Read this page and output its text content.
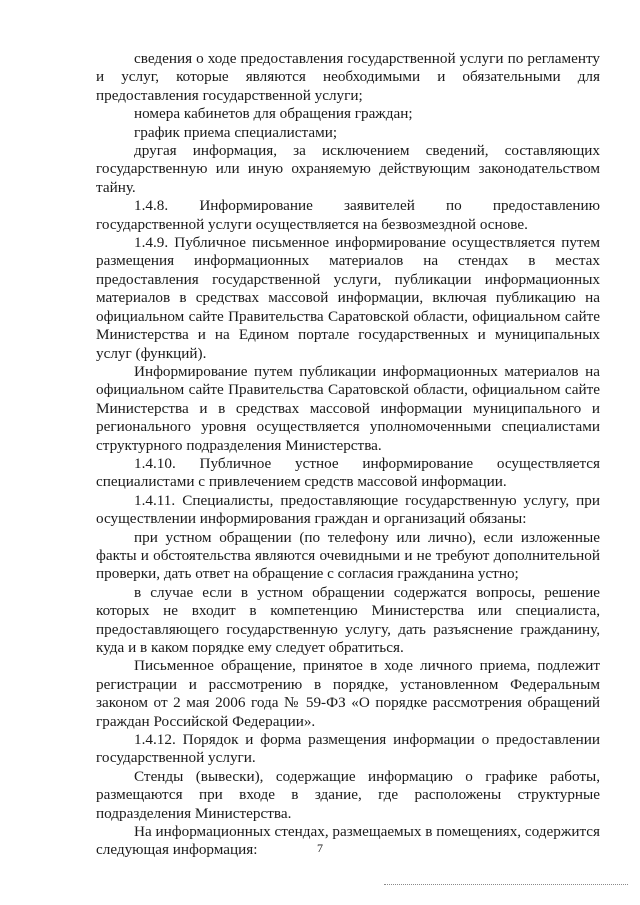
сведения о ходе предоставления государственной услуги по регламенту и услуг, которые являются необходимыми и обязательными для предоставления государственной услуги;

номера кабинетов для обращения граждан;

график приема специалистами;

другая информация, за исключением сведений, составляющих государственную или иную охраняемую действующим законодательством тайну.

1.4.8. Информирование заявителей по предоставлению государственной услуги осуществляется на безвозмездной основе.

1.4.9. Публичное письменное информирование осуществляется путем размещения информационных материалов на стендах в местах предоставления государственной услуги, публикации информационных материалов в средствах массовой информации, включая публикацию на официальном сайте Правительства Саратовской области, официальном сайте Министерства и на Едином портале государственных и муниципальных услуг (функций).

Информирование путем публикации информационных материалов на официальном сайте Правительства Саратовской области, официальном сайте Министерства и в средствах массовой информации муниципального и регионального уровня осуществляется уполномоченными специалистами структурного подразделения Министерства.

1.4.10. Публичное устное информирование осуществляется специалистами с привлечением средств массовой информации.

1.4.11. Специалисты, предоставляющие государственную услугу, при осуществлении информирования граждан и организаций обязаны:

при устном обращении (по телефону или лично), если изложенные факты и обстоятельства являются очевидными и не требуют дополнительной проверки, дать ответ на обращение с согласия гражданина устно;

в случае если в устном обращении содержатся вопросы, решение которых не входит в компетенцию Министерства или специалиста, предоставляющего государственную услугу, дать разъяснение гражданину, куда и в каком порядке ему следует обратиться.

Письменное обращение, принятое в ходе личного приема, подлежит регистрации и рассмотрению в порядке, установленном Федеральным законом от 2 мая 2006 года № 59-ФЗ «О порядке рассмотрения обращений граждан Российской Федерации».

1.4.12. Порядок и форма размещения информации о предоставлении государственной услуги.

Стенды (вывески), содержащие информацию о графике работы, размещаются при входе в здание, где расположены структурные подразделения Министерства.

На информационных стендах, размещаемых в помещениях, содержится следующая информация:	7
